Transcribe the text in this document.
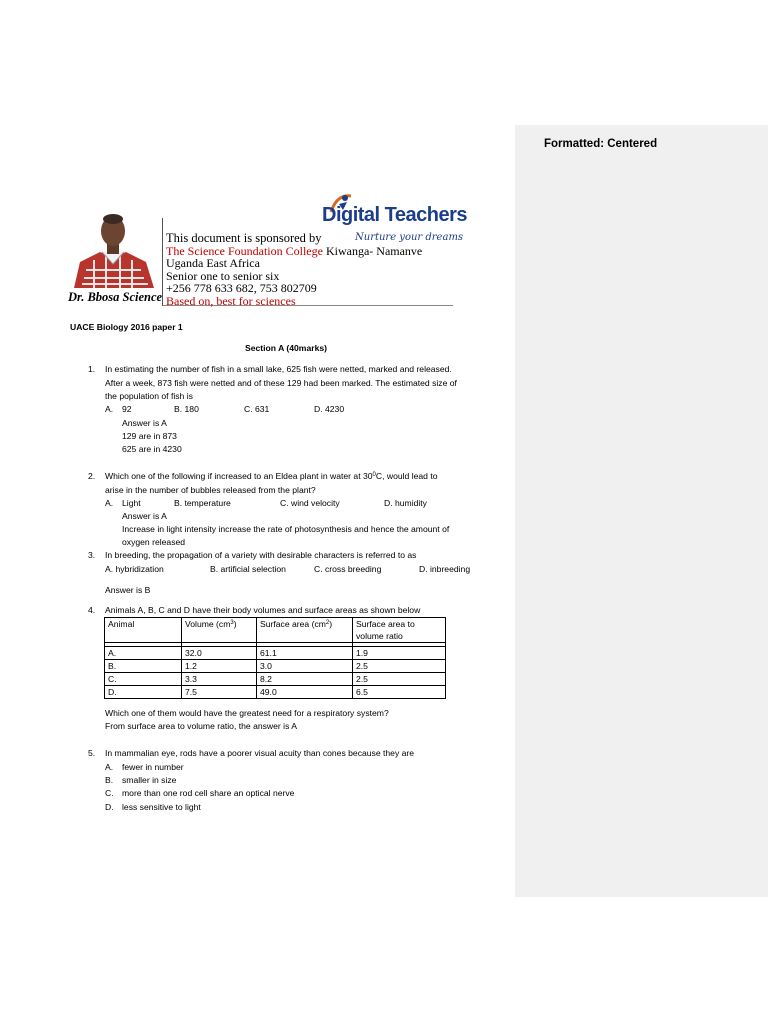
Formatted: Centered
Dr. Bbosa Science
Digital Teachers
Nurture your dreams
This document is sponsored by
The Science Foundation College Kiwanga- Namanve
Uganda East Africa
Senior one to senior six
+256 778 633 682, 753 802709
Based on, best for sciences
UACE Biology 2016 paper 1
Section A (40marks)
1. In estimating the number of fish in a small lake, 625 fish were netted, marked and released.
After a week, 873 fish were netted and of these 129 had been marked. The estimated size of
the population of fish is
A. 92	B. 180	C. 631	D. 4230
Answer is A
129 are in 873
625 are in 4230
2. Which one of the following if increased to an Eldea plant in water at $30^0C$, would lead to
arise in the number of bubbles released from the plant?
A. Light	B. temperature	C. wind velocity	D. humidity
Answer is A
Increase in light intensity increase the rate of photosynthesis and hence the amount of
oxygen released
3. In breeding, the propagation of a variety with desirable characters is referred to as
A. hybridization	B. artificial selection	C. cross breeding	D. inbreeding
Answer is B
4. Animals A, B, C and D have their body volumes and surface areas as shown below
Animal	Volume $(cm^3)$	Surface area $(cm^2)$	Surface area to
volume ratio

A.	32.0	61.1	1.9
B.	1.2	3.0	2.5
C.	3.3	8.2	2.5
D.	7.5	49.0	6.5
Which one of them would have the greatest need for a respiratory system?
From surface area to volume ratio, the answer is A
5. In mammalian eye, rods have a poorer visual acuity than cones because they are
A. fewer in number
B. smaller in size
C. more than one rod cell share an optical nerve
D. less sensitive to light
